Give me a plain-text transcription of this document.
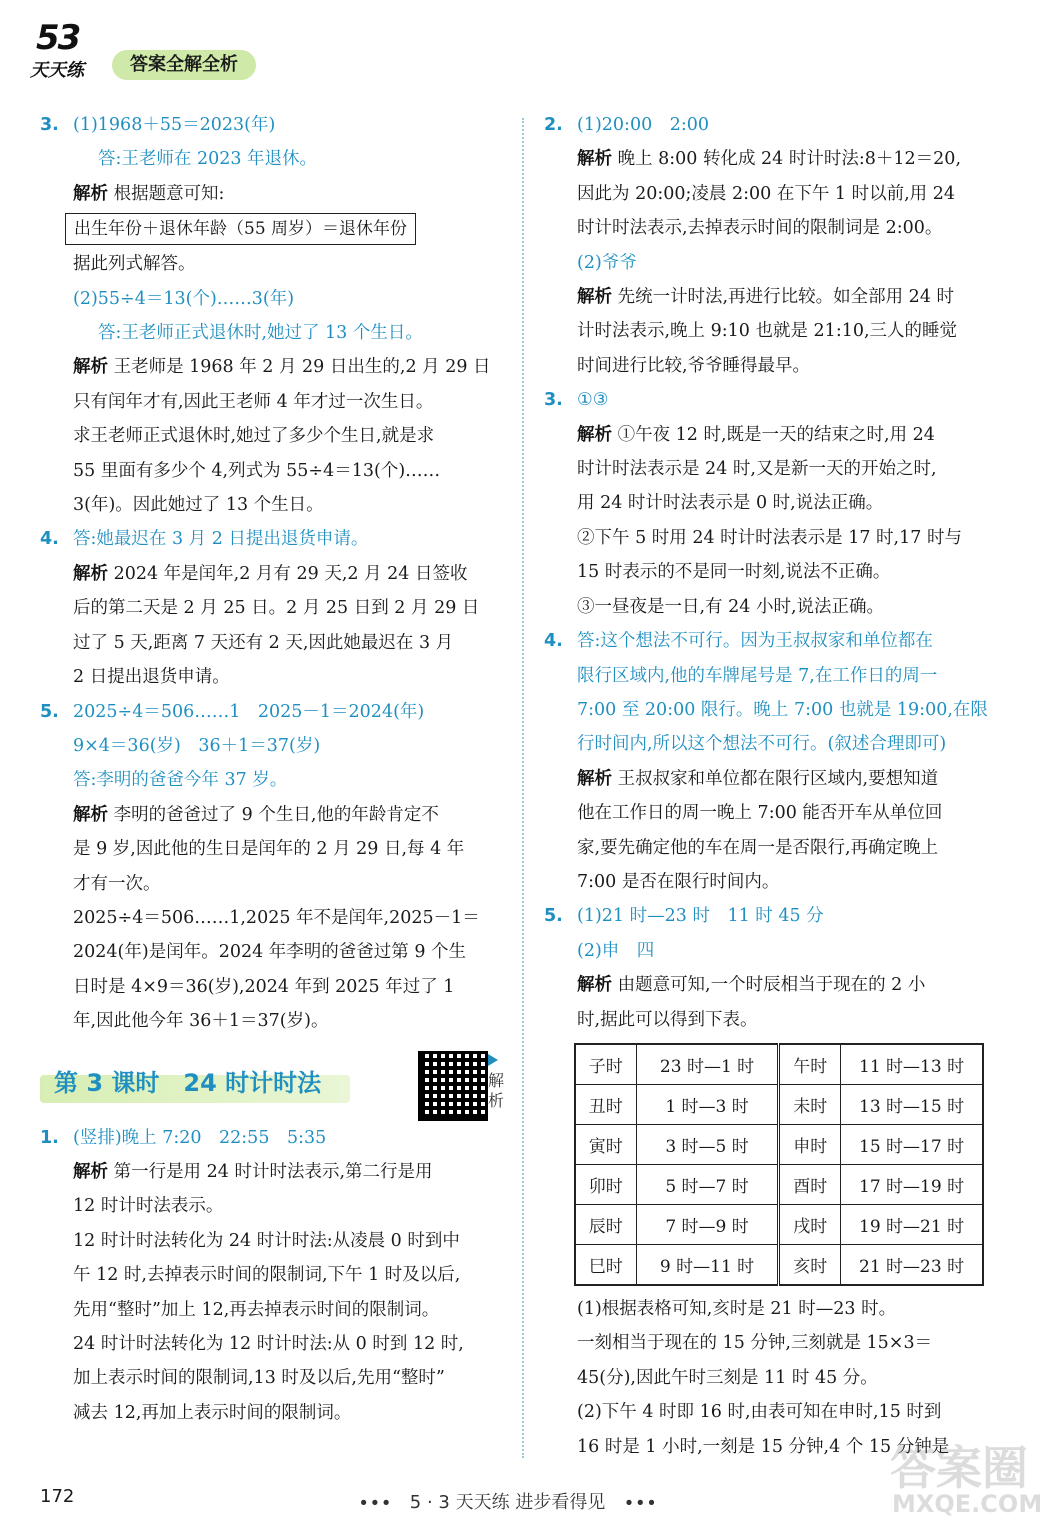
53
天天练	答案全解全析
3. (1)1968＋55＝2023(年)
答:王老师在 2023 年退休。
解析 根据题意可知:
出生年份＋退休年龄（55 周岁）＝退休年份
据此列式解答。
(2)55÷4＝13(个)……3(年)
答:王老师正式退休时,她过了 13 个生日。
解析 王老师是 1968 年 2 月 29 日出生的,2 月 29 日
只有闰年才有,因此王老师 4 年才过一次生日。
求王老师正式退休时,她过了多少个生日,就是求
55 里面有多少个 4,列式为 55÷4＝13(个)……
3(年)。因此她过了 13 个生日。
4. 答:她最迟在 3 月 2 日提出退货申请。
解析 2024 年是闰年,2 月有 29 天,2 月 24 日签收
后的第二天是 2 月 25 日。2 月 25 日到 2 月 29 日
过了 5 天,距离 7 天还有 2 天,因此她最迟在 3 月
2 日提出退货申请。
5. 2025÷4＝506……1　2025－1＝2024(年)
9×4＝36(岁)　36＋1＝37(岁)
答:李明的爸爸今年 37 岁。
解析 李明的爸爸过了 9 个生日,他的年龄肯定不
是 9 岁,因此他的生日是闰年的 2 月 29 日,每 4 年
才有一次。
2025÷4＝506……1,2025 年不是闰年,2025－1＝
2024(年)是闰年。2024 年李明的爸爸过第 9 个生
日时是 4×9＝36(岁),2024 年到 2025 年过了 1
年,因此他今年 36＋1＝37(岁)。
第 3 课时　24 时计时法	解析
1. (竖排)晚上 7:20　22:55　5:35
解析 第一行是用 24 时计时法表示,第二行是用
12 时计时法表示。
12 时计时法转化为 24 时计时法:从凌晨 0 时到中
午 12 时,去掉表示时间的限制词,下午 1 时及以后,
先用“整时”加上 12,再去掉表示时间的限制词。
24 时计时法转化为 12 时计时法:从 0 时到 12 时,
加上表示时间的限制词,13 时及以后,先用“整时”
减去 12,再加上表示时间的限制词。
2. (1)20:00　2:00
解析 晚上 8:00 转化成 24 时计时法:8＋12＝20,
因此为 20:00;凌晨 2:00 在下午 1 时以前,用 24
时计时法表示,去掉表示时间的限制词是 2:00。
(2)爷爷
解析 先统一计时法,再进行比较。如全部用 24 时
计时法表示,晚上 9:10 也就是 21:10,三人的睡觉
时间进行比较,爷爷睡得最早。
3. ①③
解析 ①午夜 12 时,既是一天的结束之时,用 24
时计时法表示是 24 时,又是新一天的开始之时,
用 24 时计时法表示是 0 时,说法正确。
②下午 5 时用 24 时计时法表示是 17 时,17 时与
15 时表示的不是同一时刻,说法不正确。
③一昼夜是一日,有 24 小时,说法正确。
4. 答:这个想法不可行。因为王叔叔家和单位都在
限行区域内,他的车牌尾号是 7,在工作日的周一
7:00 至 20:00 限行。晚上 7:00 也就是 19:00,在限
行时间内,所以这个想法不可行。(叙述合理即可)
解析 王叔叔家和单位都在限行区域内,要想知道
他在工作日的周一晚上 7:00 能否开车从单位回
家,要先确定他的车在周一是否限行,再确定晚上
7:00 是否在限行时间内。
5. (1)21 时—23 时　11 时 45 分
(2)申　四
解析 由题意可知,一个时辰相当于现在的 2 小
时,据此可以得到下表。
子时	23 时—1 时	午时	11 时—13 时
丑时	1 时—3 时	未时	13 时—15 时
寅时	3 时—5 时	申时	15 时—17 时
卯时	5 时—7 时	酉时	17 时—19 时
辰时	7 时—9 时	戌时	19 时—21 时
巳时	9 时—11 时	亥时	21 时—23 时
(1)根据表格可知,亥时是 21 时—23 时。
一刻相当于现在的 15 分钟,三刻就是 15×3＝
45(分),因此午时三刻是 11 时 45 分。
(2)下午 4 时即 16 时,由表可知在申时,15 时到
16 时是 1 小时,一刻是 15 分钟,4 个 15 分钟是
172	∙∙∙　5 · 3 天天练 进步看得见　∙∙∙
答案圈
MXQE.COM
